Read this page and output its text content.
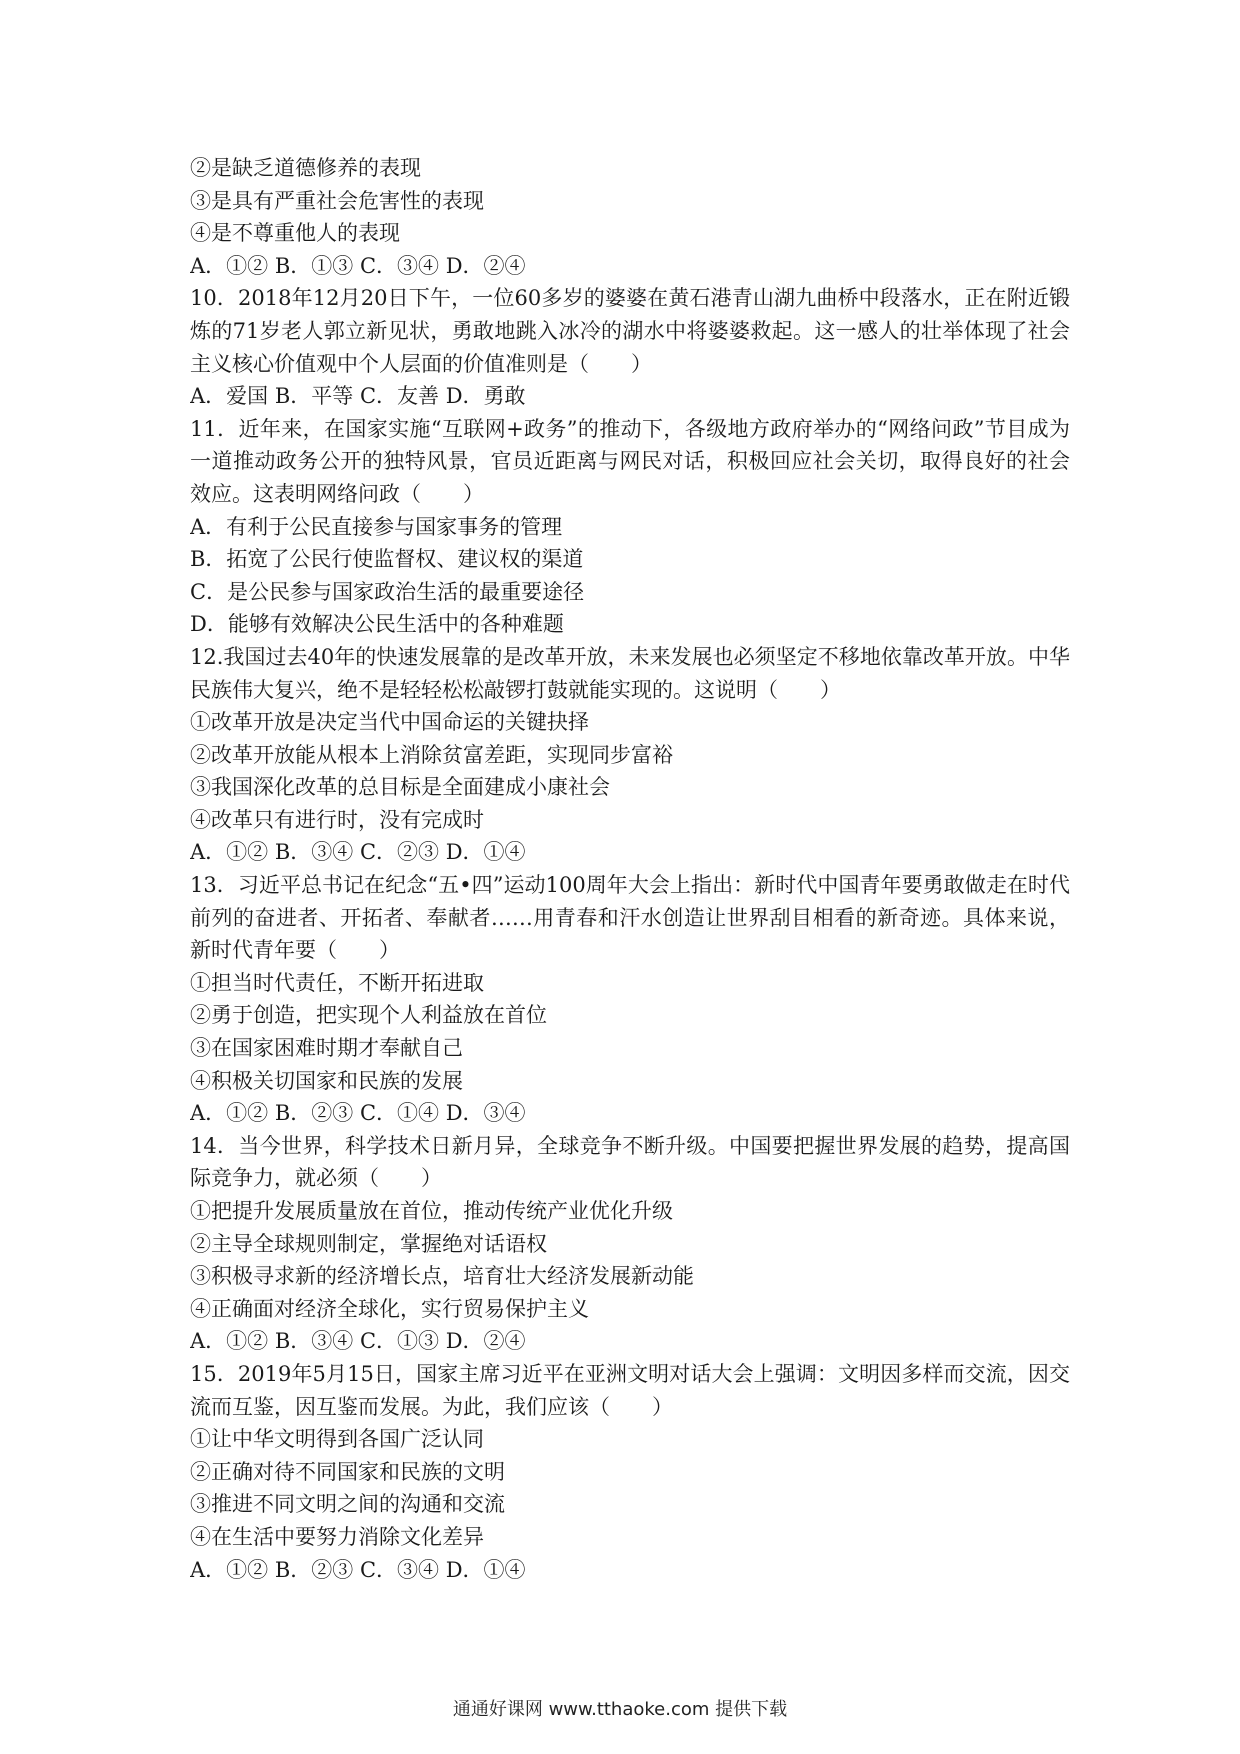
②是缺乏道德修养的表现
③是具有严重社会危害性的表现
④是不尊重他人的表现
A．①② B．①③ C．③④ D．②④
10．2018年12月20日下午，一位60多岁的婆婆在黄石港青山湖九曲桥中段落水，正在附近锻炼的71岁老人郭立新见状，勇敢地跳入冰冷的湖水中将婆婆救起。这一感人的壮举体现了社会主义核心价值观中个人层面的价值准则是（　　）
A．爱国 B．平等 C．友善 D．勇敢
11．近年来，在国家实施“互联网+政务”的推动下，各级地方政府举办的“网络问政”节目成为一道推动政务公开的独特风景，官员近距离与网民对话，积极回应社会关切，取得良好的社会效应。这表明网络问政（　　）
A．有利于公民直接参与国家事务的管理
B．拓宽了公民行使监督权、建议权的渠道
C．是公民参与国家政治生活的最重要途径
D．能够有效解决公民生活中的各种难题
12.我国过去40年的快速发展靠的是改革开放，未来发展也必须坚定不移地依靠改革开放。中华民族伟大复兴，绝不是轻轻松松敲锣打鼓就能实现的。这说明（　　）
①改革开放是决定当代中国命运的关键抉择
②改革开放能从根本上消除贫富差距，实现同步富裕
③我国深化改革的总目标是全面建成小康社会
④改革只有进行时，没有完成时
A．①② B．③④ C．②③ D．①④
13．习近平总书记在纪念“五•四”运动100周年大会上指出：新时代中国青年要勇敢做走在时代前列的奋进者、开拓者、奉献者……用青春和汗水创造让世界刮目相看的新奇迹。具体来说，新时代青年要（　　）
①担当时代责任，不断开拓进取
②勇于创造，把实现个人利益放在首位
③在国家困难时期才奉献自己
④积极关切国家和民族的发展
A．①② B．②③ C．①④ D．③④
14．当今世界，科学技术日新月异，全球竞争不断升级。中国要把握世界发展的趋势，提高国际竞争力，就必须（　　）
①把提升发展质量放在首位，推动传统产业优化升级
②主导全球规则制定，掌握绝对话语权
③积极寻求新的经济增长点，培育壮大经济发展新动能
④正确面对经济全球化，实行贸易保护主义
A．①② B．③④ C．①③ D．②④
15．2019年5月15日，国家主席习近平在亚洲文明对话大会上强调：文明因多样而交流，因交流而互鉴，因互鉴而发展。为此，我们应该（　　）
①让中华文明得到各国广泛认同
②正确对待不同国家和民族的文明
③推进不同文明之间的沟通和交流
④在生活中要努力消除文化差异
A．①② B．②③ C．③④ D．①④
通通好课网 www.tthaoke.com 提供下载
